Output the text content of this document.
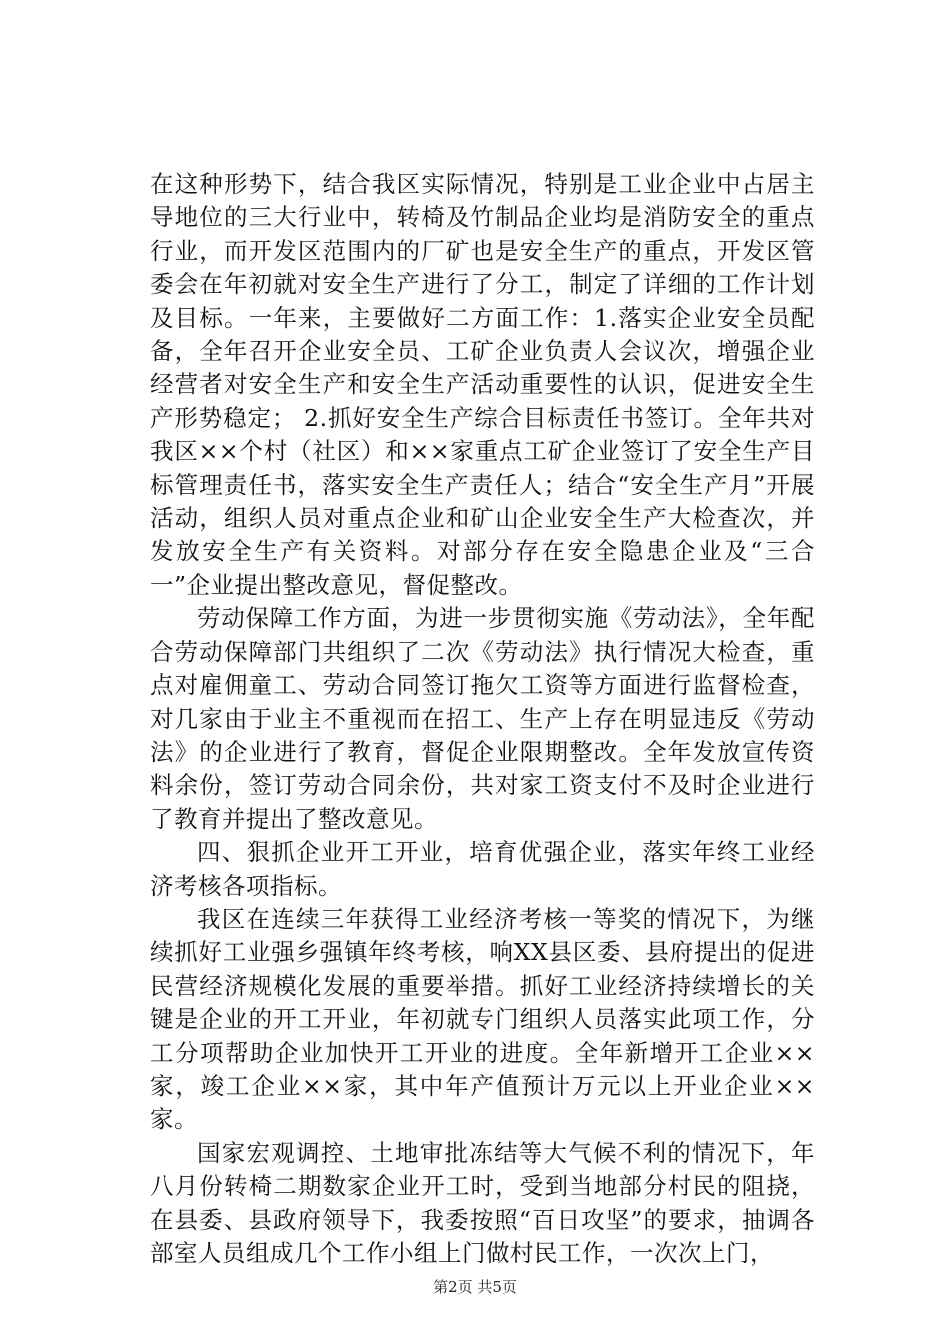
在这种形势下，结合我区实际情况，特别是工业企业中占居主导地位的三大行业中，转椅及竹制品企业均是消防安全的重点行业，而开发区范围内的厂矿也是安全生产的重点，开发区管委会在年初就对安全生产进行了分工，制定了详细的工作计划及目标。一年来，主要做好二方面工作：1.落实企业安全员配备，全年召开企业安全员、工矿企业负责人会议次，增强企业经营者对安全生产和安全生产活动重要性的认识，促进安全生产形势稳定； 2.抓好安全生产综合目标责任书签订。全年共对我区××个村（社区）和××家重点工矿企业签订了安全生产目标管理责任书，落实安全生产责任人；结合“安全生产月”开展活动，组织人员对重点企业和矿山企业安全生产大检查次，并发放安全生产有关资料。对部分存在安全隐患企业及“三合一”企业提出整改意见，督促整改。

劳动保障工作方面，为进一步贯彻实施《劳动法》，全年配合劳动保障部门共组织了二次《劳动法》执行情况大检查，重点对雇佣童工、劳动合同签订拖欠工资等方面进行监督检查，对几家由于业主不重视而在招工、生产上存在明显违反《劳动法》的企业进行了教育，督促企业限期整改。全年发放宣传资料余份，签订劳动合同余份，共对家工资支付不及时企业进行了教育并提出了整改意见。

四、狠抓企业开工开业，培育优强企业，落实年终工业经济考核各项指标。

我区在连续三年获得工业经济考核一等奖的情况下，为继续抓好工业强乡强镇年终考核，响XX县区委、县府提出的促进民营经济规模化发展的重要举措。抓好工业经济持续增长的关键是企业的开工开业，年初就专门组织人员落实此项工作，分工分项帮助企业加快开工开业的进度。全年新增开工企业××家，竣工企业××家，其中年产值预计万元以上开业企业××家。

国家宏观调控、土地审批冻结等大气候不利的情况下，年八月份转椅二期数家企业开工时，受到当地部分村民的阻挠，在县委、县政府领导下，我委按照“百日攻坚”的要求，抽调各部室人员组成几个工作小组上门做村民工作，一次次上门，

第2页 共5页
